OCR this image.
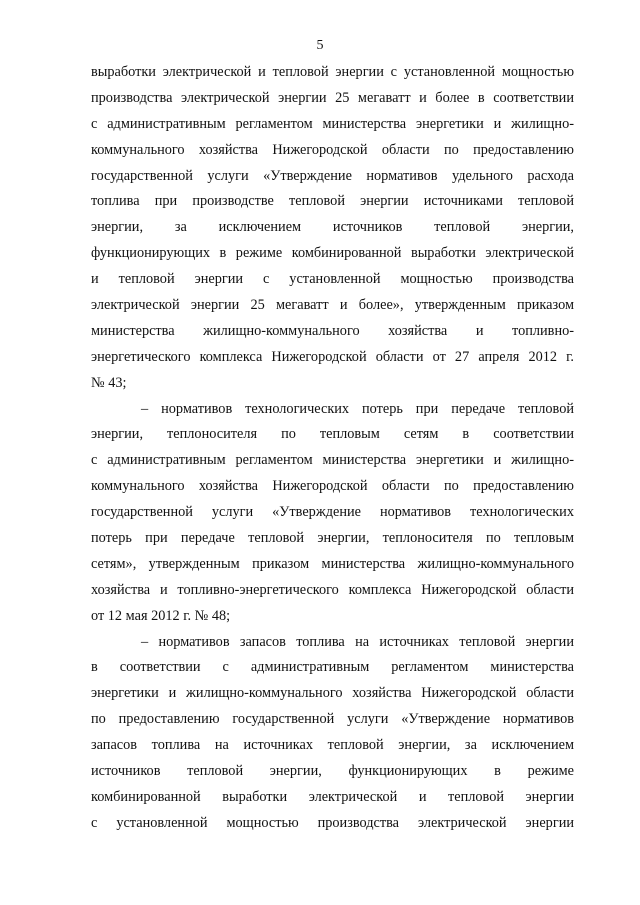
5
выработки электрической и тепловой энергии с установленной мощностью
производства электрической энергии 25 мегаватт и более в соответствии
с административным регламентом министерства энергетики и жилищно-
коммунального хозяйства Нижегородской области по предоставлению
государственной услуги «Утверждение нормативов удельного расхода
топлива при производстве тепловой энергии источниками тепловой
энергии, за исключением источников тепловой энергии,
функционирующих в режиме комбинированной выработки электрической
и тепловой энергии с установленной мощностью производства
электрической энергии 25 мегаватт и более», утвержденным приказом
министерства жилищно-коммунального хозяйства и топливно-
энергетического комплекса Нижегородской области от 27 апреля 2012 г.
№ 43;
– нормативов технологических потерь при передаче тепловой
энергии, теплоносителя по тепловым сетям в соответствии
с административным регламентом министерства энергетики и жилищно-
коммунального хозяйства Нижегородской области по предоставлению
государственной услуги «Утверждение нормативов технологических
потерь при передаче тепловой энергии, теплоносителя по тепловым
сетям», утвержденным приказом министерства жилищно-коммунального
хозяйства и топливно-энергетического комплекса Нижегородской области
от 12 мая 2012 г. № 48;
– нормативов запасов топлива на источниках тепловой энергии
в соответствии с административным регламентом министерства
энергетики и жилищно-коммунального хозяйства Нижегородской области
по предоставлению государственной услуги «Утверждение нормативов
запасов топлива на источниках тепловой энергии, за исключением
источников тепловой энергии, функционирующих в режиме
комбинированной выработки электрической и тепловой энергии
с установленной мощностью производства электрической энергии
